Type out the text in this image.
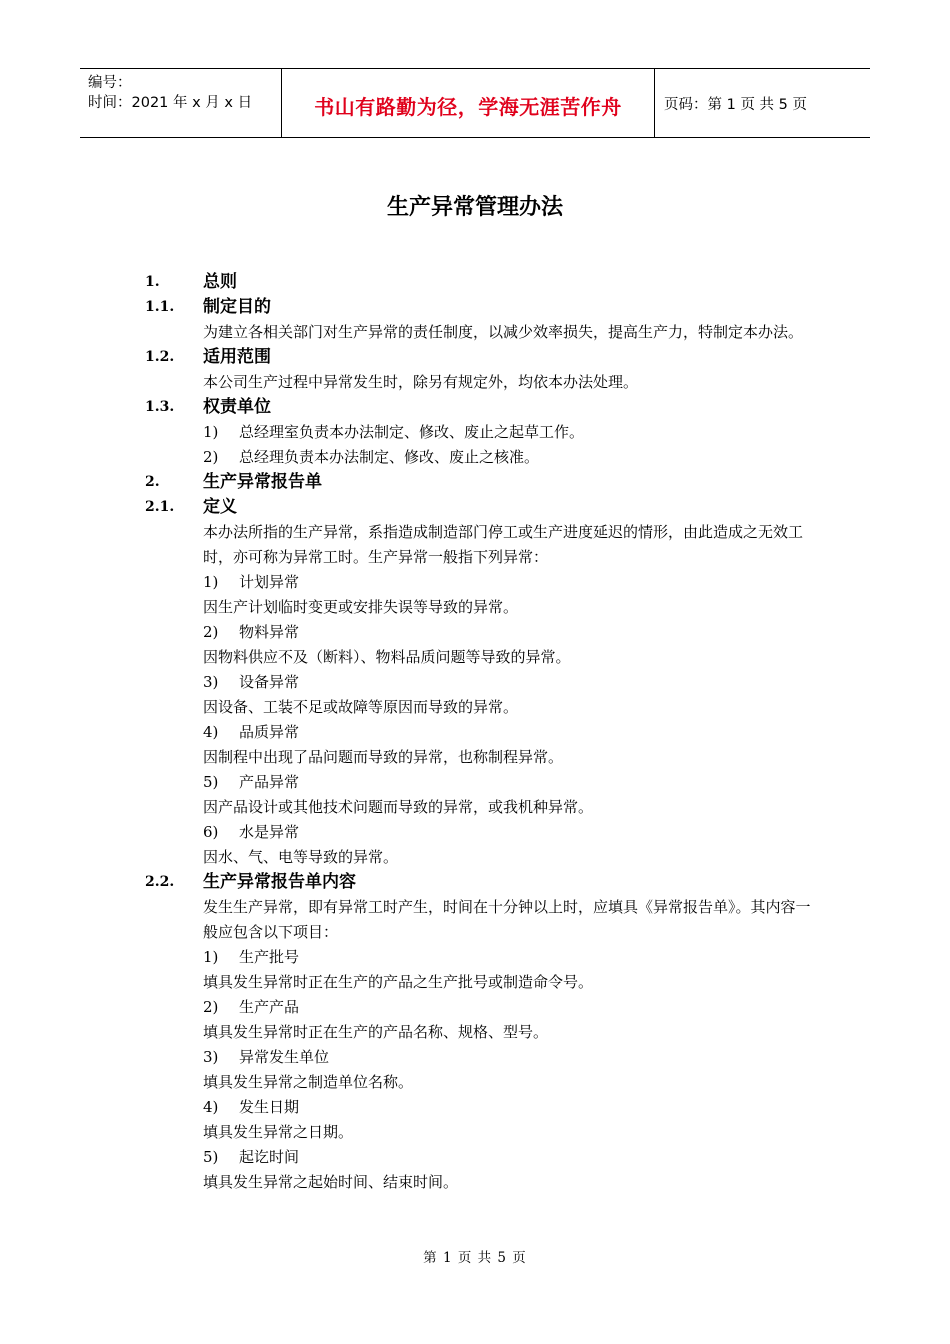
编号：
时间：2021 年 x 月 x 日	书山有路勤为径，学海无涯苦作舟	页码：第 1 页 共 5 页
生产异常管理办法
1.	总则
1.1. 制定目的
为建立各相关部门对生产异常的责任制度，以减少效率损失，提高生产力，特制定本办法。
1.2. 适用范围
本公司生产过程中异常发生时，除另有规定外，均依本办法处理。
1.3. 权责单位
1) 总经理室负责本办法制定、修改、废止之起草工作。
2) 总经理负责本办法制定、修改、废止之核准。
2.	生产异常报告单
2.1. 定义
本办法所指的生产异常，系指造成制造部门停工或生产进度延迟的情形，由此造成之无效工时，亦可称为异常工时。生产异常一般指下列异常：
1) 计划异常
因生产计划临时变更或安排失误等导致的异常。
2) 物料异常
因物料供应不及（断料）、物料品质问题等导致的异常。
3) 设备异常
因设备、工装不足或故障等原因而导致的异常。
4) 品质异常
因制程中出现了品问题而导致的异常，也称制程异常。
5) 产品异常
因产品设计或其他技术问题而导致的异常，或我机种异常。
6) 水是异常
因水、气、电等导致的异常。
2.2. 生产异常报告单内容
发生生产异常，即有异常工时产生，时间在十分钟以上时，应填具《异常报告单》。其内容一般应包含以下项目：
1) 生产批号
填具发生异常时正在生产的产品之生产批号或制造命令号。
2) 生产产品
填具发生异常时正在生产的产品名称、规格、型号。
3) 异常发生单位
填具发生异常之制造单位名称。
4) 发生日期
填具发生异常之日期。
5) 起讫时间
填具发生异常之起始时间、结束时间。
第 1 页 共 5 页
